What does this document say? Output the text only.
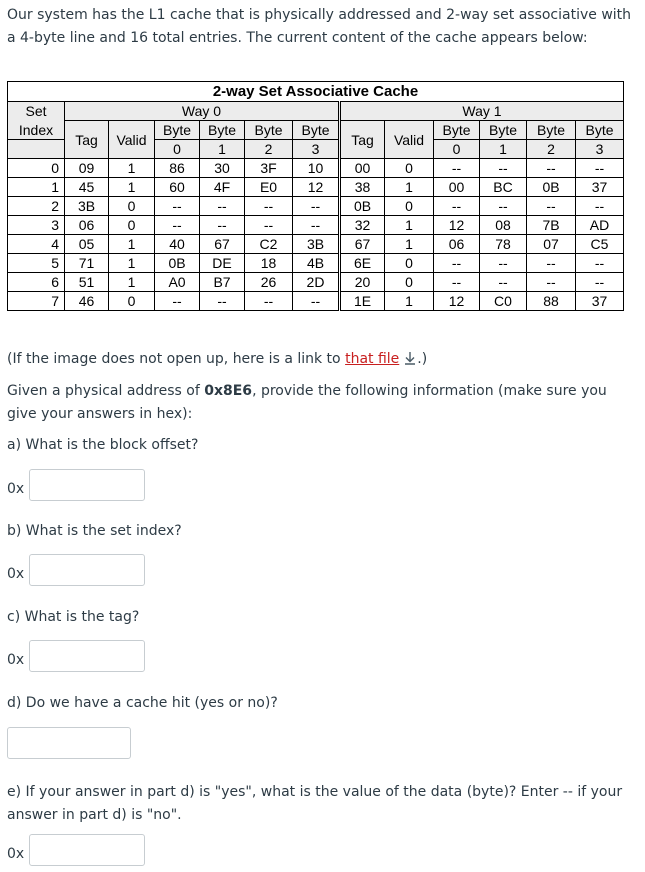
Our system has the L1 cache that is physically addressed and 2-way set associative with a 4-byte line and 16 total entries. The current content of the cache appears below:
2-way Set Associative Cache												
Set	Way 0						Way 1					
Index	Tag	Valid	Byte	Byte	Byte	Byte	Tag	Valid	Byte	Byte	Byte	Byte
			0	1	2	3			0	1	2	3
0	09	1	86	30	3F	10	00	0	--	--	--	--
1	45	1	60	4F	E0	12	38	1	00	BC	0B	37
2	3B	0	--	--	--	--	0B	0	--	--	--	--
3	06	0	--	--	--	--	32	1	12	08	7B	AD
4	05	1	40	67	C2	3B	67	1	06	78	07	C5
5	71	1	0B	DE	18	4B	6E	0	--	--	--	--
6	51	1	A0	B7	26	2D	20	0	--	--	--	--
7	46	0	--	--	--	--	1E	1	12	C0	88	37
(If the image does not open up, here is a link to that file .)
Given a physical address of 0x8E6, provide the following information (make sure you give your answers in hex):
a) What is the block offset?
0x
b) What is the set index?
0x
c) What is the tag?
0x
d) Do we have a cache hit (yes or no)?
e) If your answer in part d) is "yes", what is the value of the data (byte)? Enter -- if your answer in part d) is "no".
0x
